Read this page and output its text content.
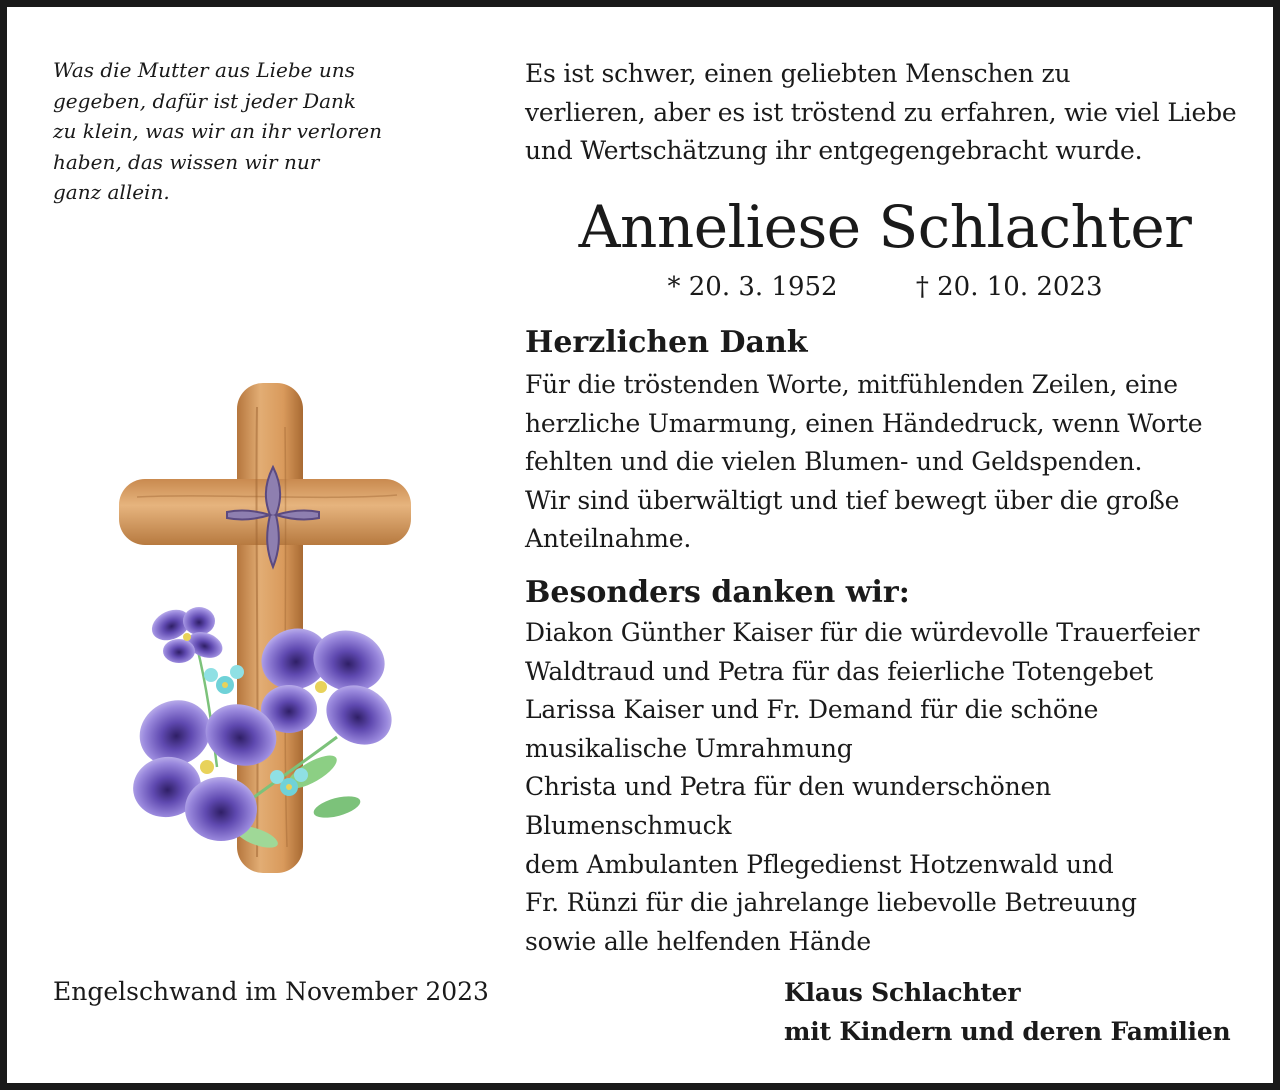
Was die Mutter aus Liebe uns
gegeben, dafür ist jeder Dank
zu klein, was wir an ihr verloren
haben, das wissen wir nur
ganz allein.
Es ist schwer, einen geliebten Menschen zu
verlieren, aber es ist tröstend zu erfahren, wie viel Liebe
und Wertschätzung ihr entgegengebracht wurde.
Anneliese Schlachter
* 20. 3. 1952	† 20. 10. 2023
Herzlichen Dank
Für die tröstenden Worte, mitfühlenden Zeilen, eine
herzliche Umarmung, einen Händedruck, wenn Worte
fehlten und die vielen Blumen- und Geldspenden.
Wir sind überwältigt und tief bewegt über die große
Anteilnahme.
Besonders danken wir:
Diakon Günther Kaiser für die würdevolle Trauerfeier
Waldtraud und Petra für das feierliche Totengebet
Larissa Kaiser und Fr. Demand für die schöne
musikalische Umrahmung
Christa und Petra für den wunderschönen
Blumenschmuck
dem Ambulanten Pflegedienst Hotzenwald und
Fr. Rünzi für die jahrelange liebevolle Betreuung
sowie alle helfenden Hände
Engelschwand im November 2023	Klaus Schlachter
mit Kindern und deren Familien
